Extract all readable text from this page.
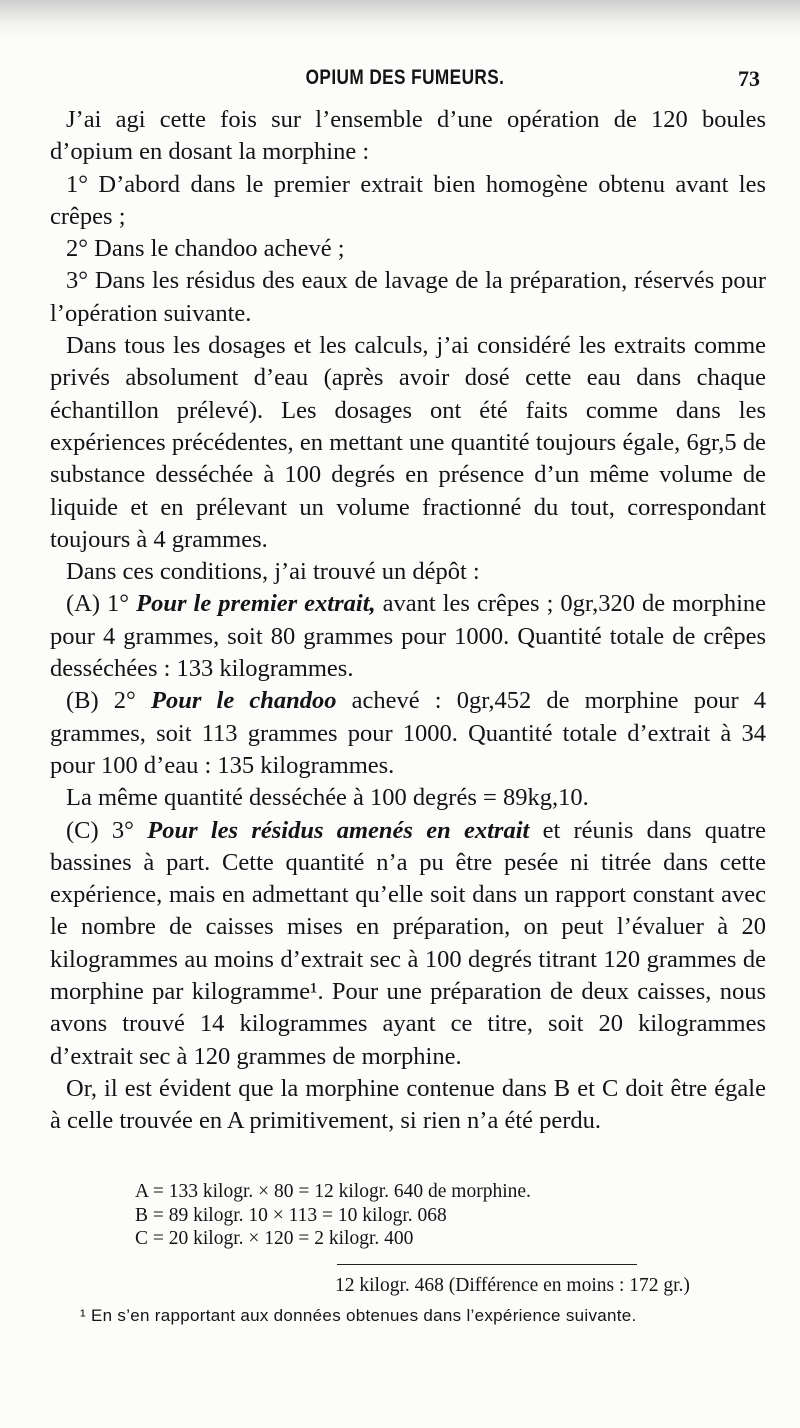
OPIUM DES FUMEURS.	73

J’ai agi cette fois sur l’ensemble d’une opération de 120 boules d’opium en dosant la morphine :

1° D’abord dans le premier extrait bien homogène obtenu avant les crêpes ;

2° Dans le chandoo achevé ;

3° Dans les résidus des eaux de lavage de la préparation, réservés pour l’opération suivante.

Dans tous les dosages et les calculs, j’ai considéré les extraits comme privés absolument d’eau (après avoir dosé cette eau dans chaque échantillon prélevé). Les dosages ont été faits comme dans les expériences précédentes, en mettant une quantité toujours égale, 6gr,5 de substance desséchée à 100 degrés en présence d’un même volume de liquide et en prélevant un volume fractionné du tout, correspondant toujours à 4 grammes.

Dans ces conditions, j’ai trouvé un dépôt :

(A) 1° Pour le premier extrait, avant les crêpes ; 0gr,320 de morphine pour 4 grammes, soit 80 grammes pour 1000. Quantité totale de crêpes desséchées : 133 kilogrammes.

(B) 2° Pour le chandoo achevé : 0gr,452 de morphine pour 4 grammes, soit 113 grammes pour 1000. Quantité totale d’extrait à 34 pour 100 d’eau : 135 kilogrammes.

La même quantité desséchée à 100 degrés = 89kg,10.

(C) 3° Pour les résidus amenés en extrait et réunis dans quatre bassines à part. Cette quantité n’a pu être pesée ni titrée dans cette expérience, mais en admettant qu’elle soit dans un rapport constant avec le nombre de caisses mises en préparation, on peut l’évaluer à 20 kilogrammes au moins d’extrait sec à 100 degrés titrant 120 grammes de morphine par kilogramme¹. Pour une préparation de deux caisses, nous avons trouvé 14 kilogrammes ayant ce titre, soit 20 kilogrammes d’extrait sec à 120 grammes de morphine.

Or, il est évident que la morphine contenue dans B et C doit être égale à celle trouvée en A primitivement, si rien n’a été perdu.

A = 133 kilogr. × 80 = 12 kilogr. 640 de morphine.
B = 89 kilogr. 10 × 113 = 10 kilogr. 068
C = 20 kilogr. × 120 = 2 kilogr. 400
12 kilogr. 468 (Différence en moins : 172 gr.)
¹ En s’en rapportant aux données obtenues dans l’expérience suivante.
